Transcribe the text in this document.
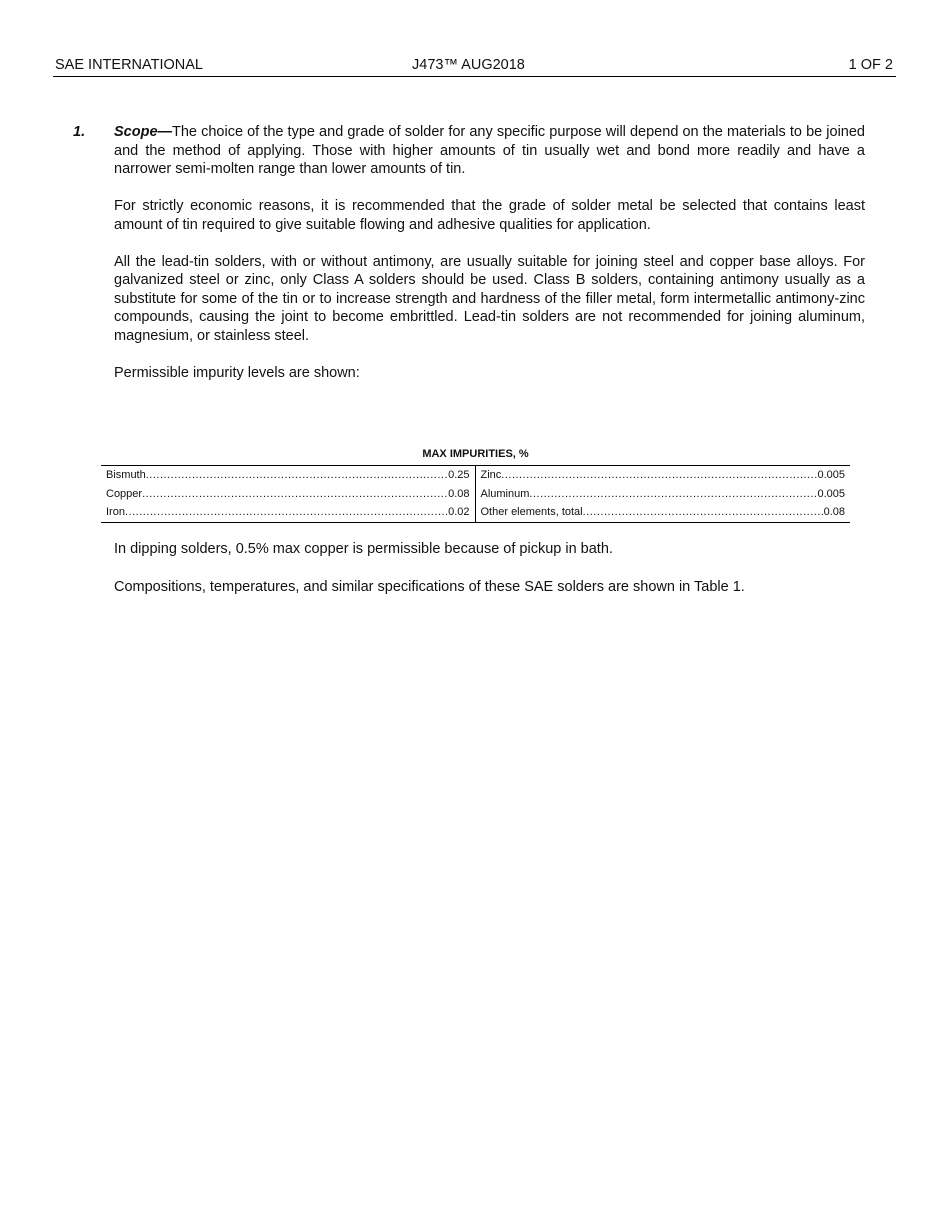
SAE INTERNATIONAL	J473™ AUG2018	1 OF 2
1. Scope—The choice of the type and grade of solder for any specific purpose will depend on the materials to be joined and the method of applying. Those with higher amounts of tin usually wet and bond more readily and have a narrower semi-molten range than lower amounts of tin.

For strictly economic reasons, it is recommended that the grade of solder metal be selected that contains least amount of tin required to give suitable flowing and adhesive qualities for application.

All the lead-tin solders, with or without antimony, are usually suitable for joining steel and copper base alloys. For galvanized steel or zinc, only Class A solders should be used. Class B solders, containing antimony usually as a substitute for some of the tin or to increase strength and hardness of the filler metal, form intermetallic antimony-zinc compounds, causing the joint to become embrittled. Lead-tin solders are not recommended for joining aluminum, magnesium, or stainless steel.

Permissible impurity levels are shown:

MAX IMPURITIES, %
Bismuth .....	0.25 Zinc .....	0.005
Copper .....	0.08 Aluminum .....	0.005
Iron .....	0.02 Other elements, total .....	0.08

In dipping solders, 0.5% max copper is permissible because of pickup in bath.

Compositions, temperatures, and similar specifications of these SAE solders are shown in Table 1.
